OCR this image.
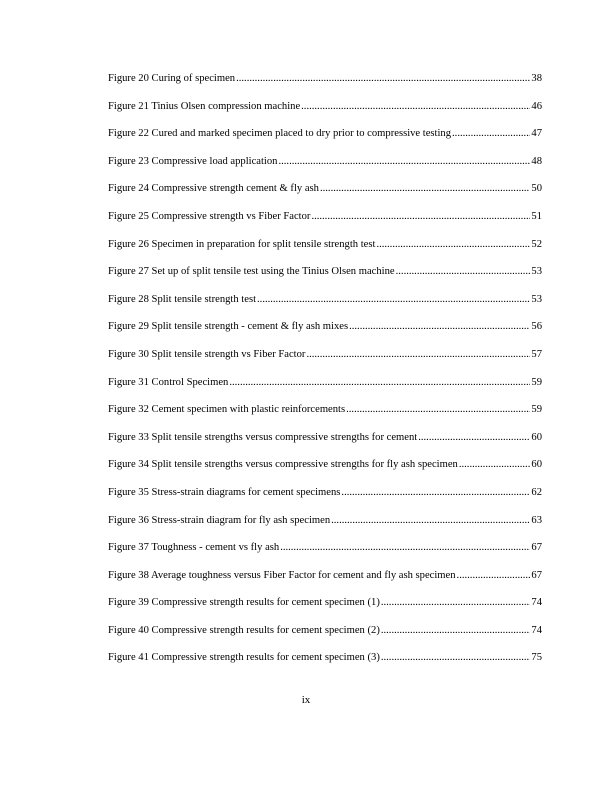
Figure 20 Curing of specimen .....	38
Figure 21 Tinius Olsen compression machine .....	46
Figure 22 Cured and marked specimen placed to dry prior to compressive testing .....	47
Figure 23 Compressive load application .....	48
Figure 24 Compressive strength cement & fly ash .....	50
Figure 25 Compressive strength vs Fiber Factor .....	51
Figure 26 Specimen in preparation for split tensile strength test .....	52
Figure 27 Set up of split tensile test using the Tinius Olsen machine .....	53
Figure 28 Split tensile strength test .....	53
Figure 29 Split tensile strength - cement & fly ash mixes .....	56
Figure 30 Split tensile strength vs Fiber Factor .....	57
Figure 31 Control Specimen .....	59
Figure 32 Cement specimen with plastic reinforcements .....	59
Figure 33 Split tensile strengths versus compressive strengths for cement .....	60
Figure 34 Split tensile strengths versus compressive strengths for fly ash specimen .....	60
Figure 35 Stress-strain diagrams for cement specimens .....	62
Figure 36 Stress-strain diagram for fly ash specimen .....	63
Figure 37 Toughness - cement vs fly ash .....	67
Figure 38 Average toughness versus Fiber Factor for cement and fly ash specimen .....	67
Figure 39 Compressive strength results for cement specimen (1) .....	74
Figure 40 Compressive strength results for cement specimen (2) .....	74
Figure 41 Compressive strength results for cement specimen (3) .....	75
ix
